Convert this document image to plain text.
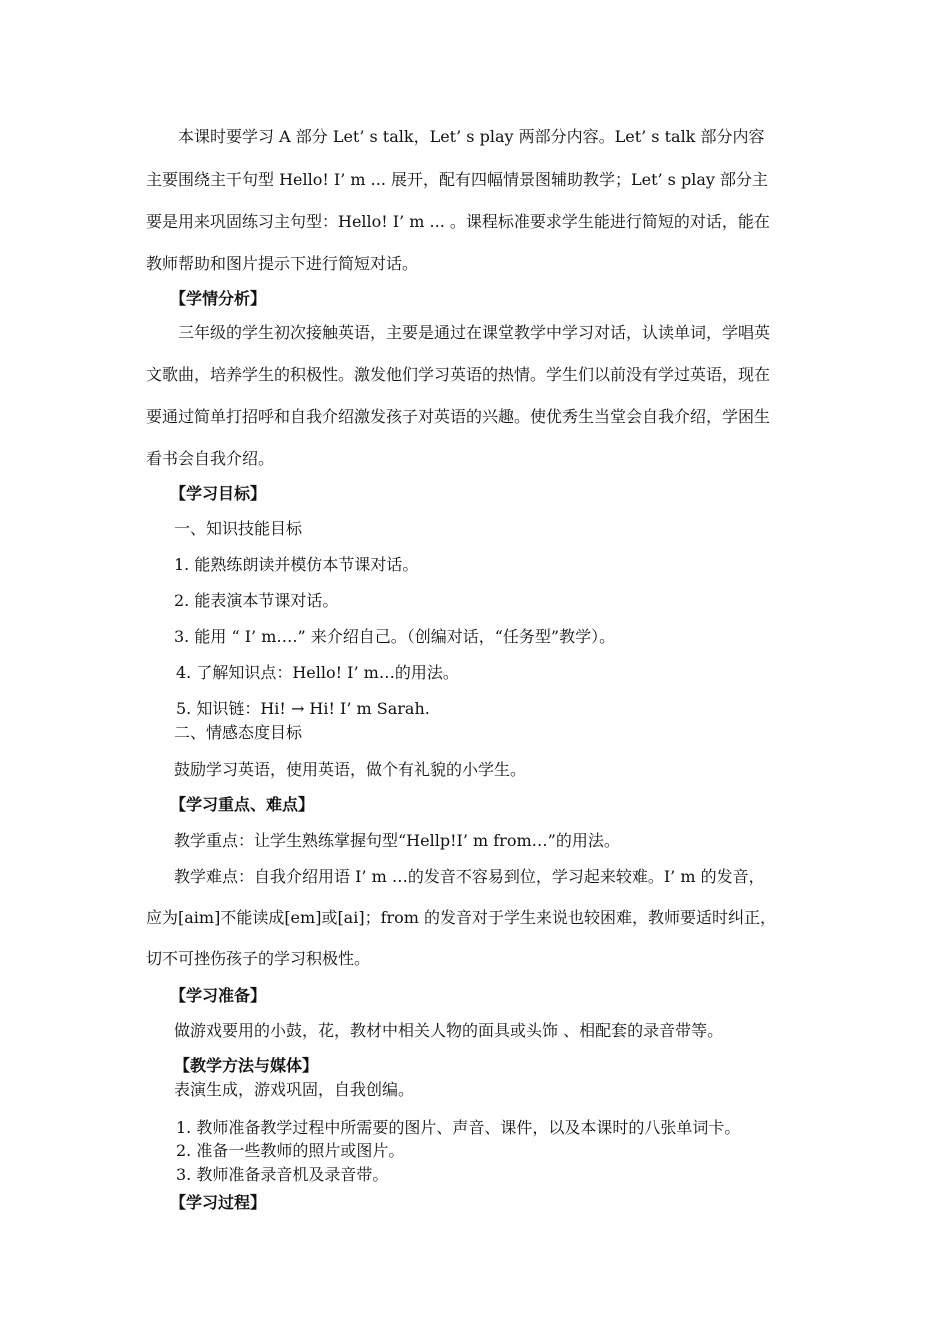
本课时要学习 A 部分 Let’ s talk，Let’ s play 两部分内容。Let’ s talk 部分内容
主要围绕主干句型 Hello! I’ m ... 展开，配有四幅情景图辅助教学；Let’ s play 部分主
要是用来巩固练习主句型：Hello! I’ m ... 。课程标准要求学生能进行简短的对话，能在
教师帮助和图片提示下进行简短对话。
【学情分析】
三年级的学生初次接触英语，主要是通过在课堂教学中学习对话，认读单词，学唱英
文歌曲，培养学生的积极性。激发他们学习英语的热情。学生们以前没有学过英语，现在
要通过简单打招呼和自我介绍激发孩子对英语的兴趣。使优秀生当堂会自我介绍，学困生
看书会自我介绍。
【学习目标】
一、知识技能目标
1. 能熟练朗读并模仿本节课对话。
2. 能表演本节课对话。
3. 能用 “ I’ m….” 来介绍自己。（创编对话，“任务型”教学）。
4. 了解知识点：Hello! I’ m…的用法。
5. 知识链：Hi! → Hi! I’ m Sarah.
二、情感态度目标
鼓励学习英语，使用英语，做个有礼貌的小学生。
【学习重点、难点】
教学重点：让学生熟练掌握句型“Hellp!I’ m from…”的用法。
教学难点：自我介绍用语 I’ m …的发音不容易到位，学习起来较难。I’ m 的发音，
应为[aim]不能读成[em]或[ai]；from 的发音对于学生来说也较困难，教师要适时纠正，
切不可挫伤孩子的学习积极性。
【学习准备】
做游戏要用的小鼓，花，教材中相关人物的面具或头饰 、相配套的录音带等。
【教学方法与媒体】
表演生成，游戏巩固，自我创编。
1. 教师准备教学过程中所需要的图片、声音、课件，以及本课时的八张单词卡。
2. 准备一些教师的照片或图片。
3. 教师准备录音机及录音带。
【学习过程】
